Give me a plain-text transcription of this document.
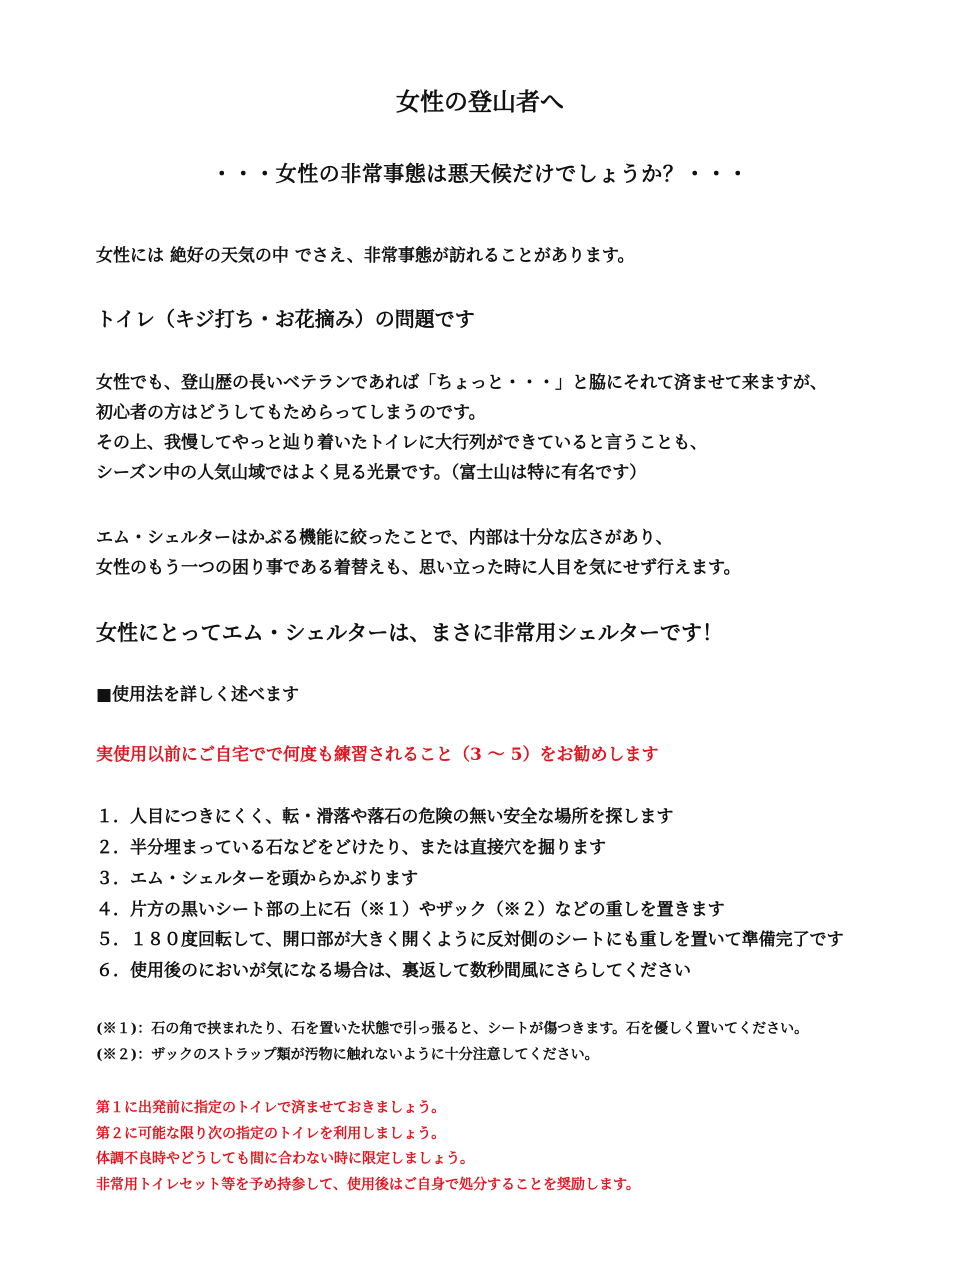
女性の登山者へ
・・・女性の非常事態は悪天候だけでしょうか？・・・
女性には 絶好の天気の中 でさえ、非常事態が訪れることがあります。
トイレ（キジ打ち・お花摘み）の問題です
女性でも、登山歴の長いベテランであれば「ちょっと・・・」と脇にそれて済ませて来ますが、
初心者の方はどうしてもためらってしまうのです。
その上、我慢してやっと辿り着いたトイレに大行列ができていると言うことも、
シーズン中の人気山域ではよく見る光景です。（富士山は特に有名です）
エム・シェルターはかぶる機能に絞ったことで、内部は十分な広さがあり、
女性のもう一つの困り事である着替えも、思い立った時に人目を気にせず行えます。
女性にとってエム・シェルターは、まさに非常用シェルターです！
■使用法を詳しく述べます
実使用以前にご自宅でで何度も練習されること（3 ～ 5）をお勧めします
１．人目につきにくく、転・滑落や落石の危険の無い安全な場所を探します
２．半分埋まっている石などをどけたり、または直接穴を掘ります
３．エム・シェルターを頭からかぶります
４．片方の黒いシート部の上に石（※１）やザック（※２）などの重しを置きます
５．１８０度回転して、開口部が大きく開くように反対側のシートにも重しを置いて準備完了です
６．使用後のにおいが気になる場合は、裏返して数秒間風にさらしてください
(※１)：石の角で挟まれたり、石を置いた状態で引っ張ると、シートが傷つきます。石を優しく置いてください。
(※２)：ザックのストラップ類が汚物に触れないように十分注意してください。
第１に出発前に指定のトイレで済ませておきましょう。
第２に可能な限り次の指定のトイレを利用しましょう。
体調不良時やどうしても間に合わない時に限定しましょう。
非常用トイレセット等を予め持参して、使用後はご自身で処分することを奨励します。
